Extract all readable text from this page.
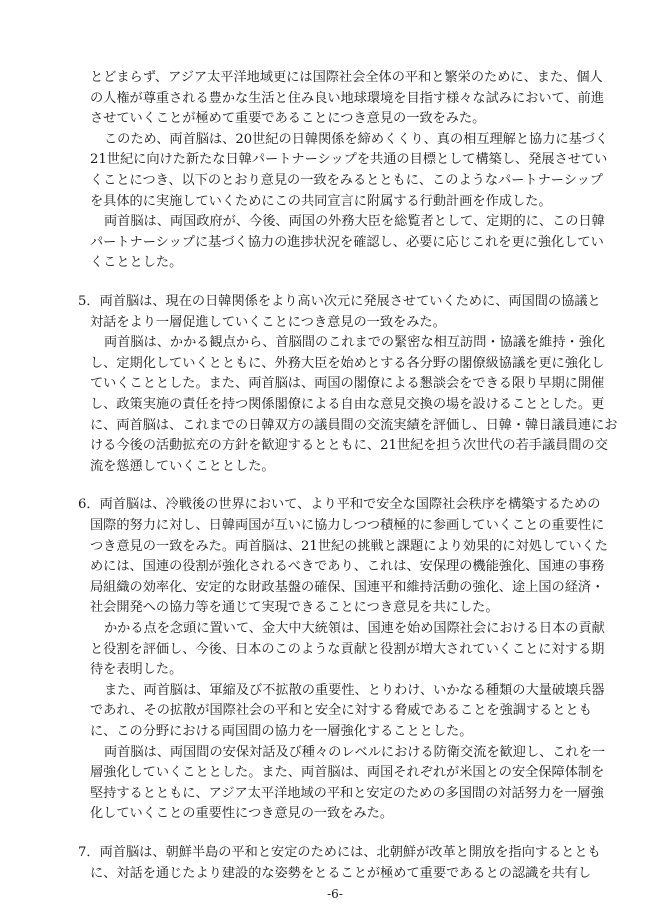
とどまらず、アジア太平洋地域更には国際社会全体の平和と繁栄のために、また、個人
の人権が尊重される豊かな生活と住み良い地球環境を目指す様々な試みにおいて、前進
させていくことが極めて重要であることにつき意見の一致をみた。
このため、両首脳は、20世紀の日韓関係を締めくくり、真の相互理解と協力に基づく
21世紀に向けた新たな日韓パートナーシップを共通の目標として構築し、発展させてい
くことにつき、以下のとおり意見の一致をみるとともに、このようなパートナーシップ
を具体的に実施していくためにこの共同宣言に附属する行動計画を作成した。
両首脳は、両国政府が、今後、両国の外務大臣を総覧者として、定期的に、この日韓
パートナーシップに基づく協力の進捗状況を確認し、必要に応じこれを更に強化してい
くこととした。
5．両首脳は、現在の日韓関係をより高い次元に発展させていくために、両国間の協議と
対話をより一層促進していくことにつき意見の一致をみた。
両首脳は、かかる観点から、首脳間のこれまでの緊密な相互訪問・協議を維持・強化
し、定期化していくとともに、外務大臣を始めとする各分野の閣僚級協議を更に強化し
ていくこととした。また、両首脳は、両国の閣僚による懇談会をできる限り早期に開催
し、政策実施の責任を持つ関係閣僚による自由な意見交換の場を設けることとした。更
に、両首脳は、これまでの日韓双方の議員間の交流実績を評価し、日韓・韓日議員連にお
ける今後の活動拡充の方針を歓迎するとともに、21世紀を担う次世代の若手議員間の交
流を慫慂していくこととした。
6．両首脳は、冷戦後の世界において、より平和で安全な国際社会秩序を構築するための
国際的努力に対し、日韓両国が互いに協力しつつ積極的に参画していくことの重要性に
つき意見の一致をみた。両首脳は、21世紀の挑戦と課題により効果的に対処していくた
めには、国連の役割が強化されるべきであり、これは、安保理の機能強化、国連の事務
局組織の効率化、安定的な財政基盤の確保、国連平和維持活動の強化、途上国の経済・
社会開発への協力等を通じて実現できることにつき意見を共にした。
かかる点を念頭に置いて、金大中大統領は、国連を始め国際社会における日本の貢献
と役割を評価し、今後、日本のこのような貢献と役割が増大されていくことに対する期
待を表明した。
また、両首脳は、軍縮及び不拡散の重要性、とりわけ、いかなる種類の大量破壊兵器
であれ、その拡散が国際社会の平和と安全に対する脅威であることを強調するととも
に、この分野における両国間の協力を一層強化することとした。
両首脳は、両国間の安保対話及び種々のレベルにおける防衛交流を歓迎し、これを一
層強化していくこととした。また、両首脳は、両国それぞれが米国との安全保障体制を
堅持するとともに、アジア太平洋地域の平和と安定のための多国間の対話努力を一層強
化していくことの重要性につき意見の一致をみた。
-6-
7．両首脳は、朝鮮半島の平和と安定のためには、北朝鮮が改革と開放を指向するととも
に、対話を通じたより建設的な姿勢をとることが極めて重要であるとの認識を共有し
